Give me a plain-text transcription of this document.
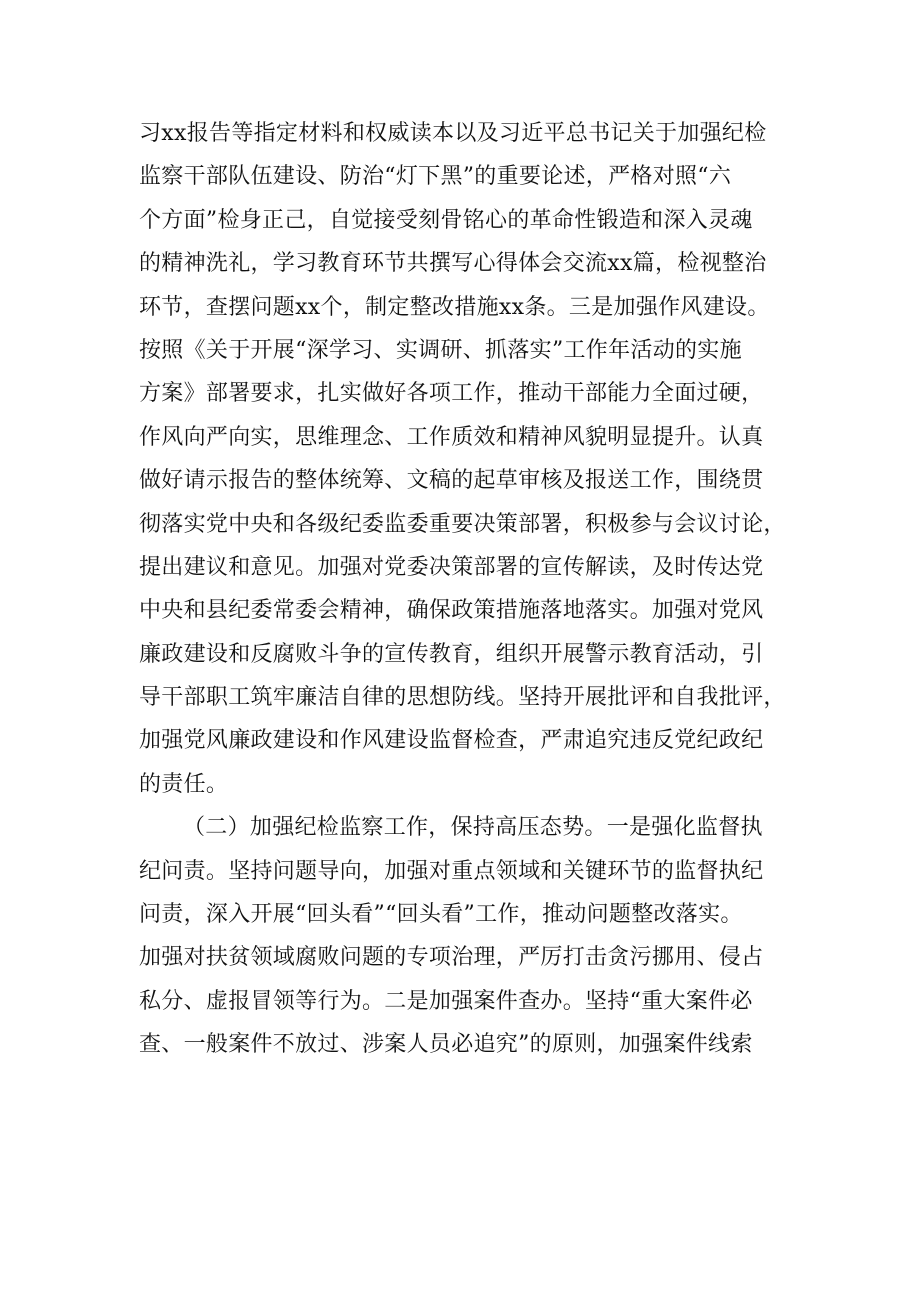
习xx报告等指定材料和权威读本以及习近平总书记关于加强纪检
监察干部队伍建设、防治“灯下黑”的重要论述，严格对照“六
个方面”检身正己，自觉接受刻骨铭心的革命性锻造和深入灵魂
的精神洗礼，学习教育环节共撰写心得体会交流xx篇，检视整治
环节，查摆问题xx个，制定整改措施xx条。三是加强作风建设。
按照《关于开展“深学习、实调研、抓落实”工作年活动的实施
方案》部署要求，扎实做好各项工作，推动干部能力全面过硬，
作风向严向实，思维理念、工作质效和精神风貌明显提升。认真
做好请示报告的整体统筹、文稿的起草审核及报送工作，围绕贯
彻落实党中央和各级纪委监委重要决策部署，积极参与会议讨论，
提出建议和意见。加强对党委决策部署的宣传解读，及时传达党
中央和县纪委常委会精神，确保政策措施落地落实。加强对党风
廉政建设和反腐败斗争的宣传教育，组织开展警示教育活动，引
导干部职工筑牢廉洁自律的思想防线。坚持开展批评和自我批评，
加强党风廉政建设和作风建设监督检查，严肃追究违反党纪政纪
的责任。
（二）加强纪检监察工作，保持高压态势。一是强化监督执
纪问责。坚持问题导向，加强对重点领域和关键环节的监督执纪
问责，深入开展“回头看”“回头看”工作，推动问题整改落实。
加强对扶贫领域腐败问题的专项治理，严厉打击贪污挪用、侵占
私分、虚报冒领等行为。二是加强案件查办。坚持“重大案件必
查、一般案件不放过、涉案人员必追究”的原则，加强案件线索
